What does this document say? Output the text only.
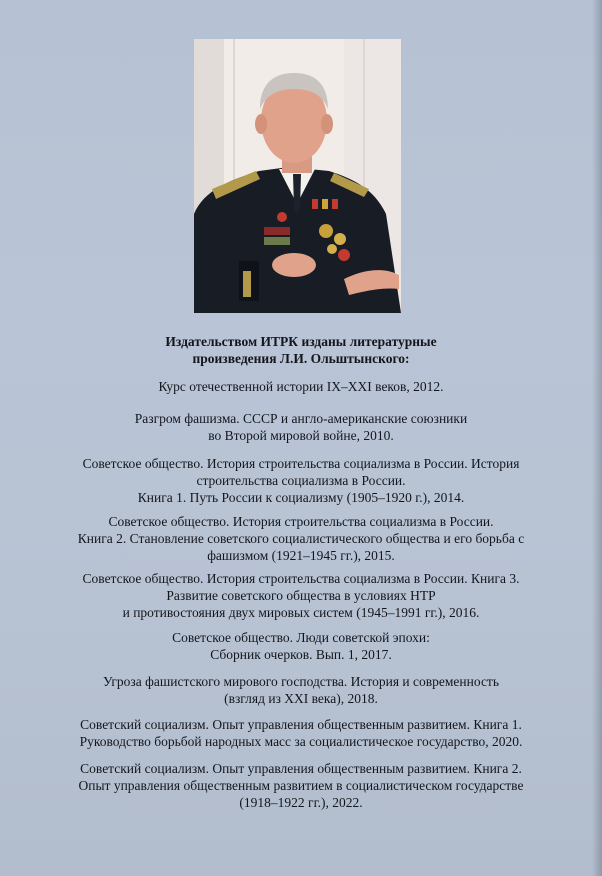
Издательством ИТРК изданы литературные
произведения Л.И. Ольштынского:
Курс отечественной истории IX–XXI веков, 2012.
Разгром фашизма. СССР и англо-американские союзники
во Второй мировой войне, 2010.
Советское общество. История строительства социализма в России. История
строительства социализма в России.
Книга 1. Путь России к социализму (1905–1920 г.), 2014.
Советское общество. История строительства социализма в России.
Книга 2. Становление советского социалистического общества и его борьба с
фашизмом (1921–1945 гг.), 2015.
Советское общество. История строительства социализма в России. Книга 3.
Развитие советского общества в условиях НТР
и противостояния двух мировых систем (1945–1991 гг.), 2016.
Советское общество. Люди советской эпохи:
Сборник очерков. Вып. 1, 2017.
Угроза фашистского мирового господства. История и современность
(взгляд из XXI века), 2018.
Советский социализм. Опыт управления общественным развитием. Книга 1.
Руководство борьбой народных масс за социалистическое государство, 2020.
Советский социализм. Опыт управления общественным развитием. Книга 2.
Опыт управления общественным развитием в социалистическом государстве
(1918–1922 гг.), 2022.
